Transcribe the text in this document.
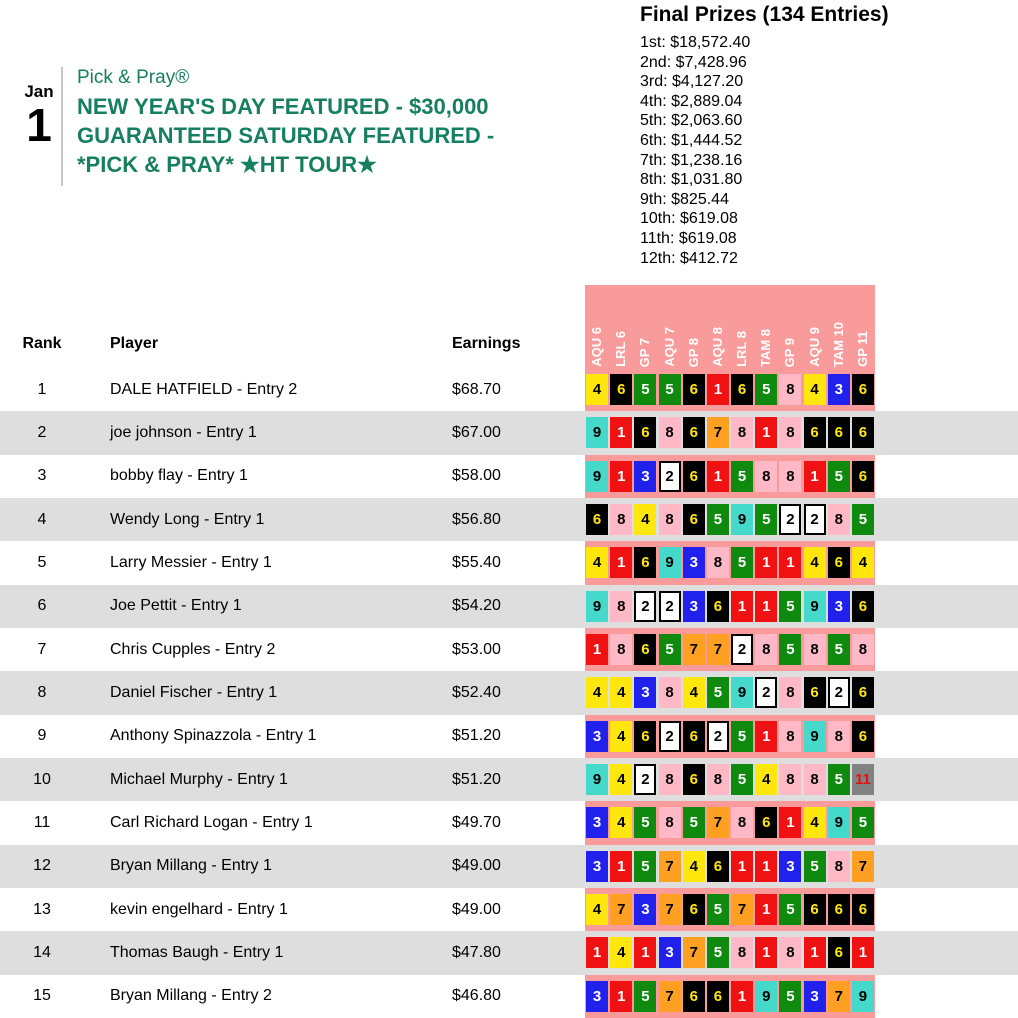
Jan
1
Pick & Pray®
NEW YEAR'S DAY FEATURED - $30,000
GUARANTEED SATURDAY FEATURED -
*PICK & PRAY* ★HT TOUR★
Final Prizes (134 Entries)
1st: $18,572.40
2nd: $7,428.96
3rd: $4,127.20
4th: $2,889.04
5th: $2,063.60
6th: $1,444.52
7th: $1,238.16
8th: $1,031.80
9th: $825.44
10th: $619.08
11th: $619.08
12th: $412.72
Rank	Player	Earnings	AQU 6 LRL 6 GP 7 AQU 7 GP 8 AQU 8 LRL 8 TAM 8 GP 9 AQU 9 TAM 10 GP 11
1	DALE HATFIELD - Entry 2	$68.70	4	6	5	5	6	1	6	5	8	4	3	6
2	joe johnson - Entry 1	$67.00	9	1	6	8	6	7	8	1	8	6	6	6
3	bobby flay - Entry 1	$58.00	9	1	3	2	6	1	5	8	8	1	5	6
4	Wendy Long - Entry 1	$56.80	6	8	4	8	6	5	9	5	2	2	8	5
5	Larry Messier - Entry 1	$55.40	4	1	6	9	3	8	5	1	1	4	6	4
6	Joe Pettit - Entry 1	$54.20	9	8	2	2	3	6	1	1	5	9	3	6
7	Chris Cupples - Entry 2	$53.00	1	8	6	5	7	7	2	8	5	8	5	8
8	Daniel Fischer - Entry 1	$52.40	4	4	3	8	4	5	9	2	8	6	2	6
9	Anthony Spinazzola - Entry 1	$51.20	3	4	6	2	6	2	5	1	8	9	8	6
10	Michael Murphy - Entry 1	$51.20	9	4	2	8	6	8	5	4	8	8	5 11
11	Carl Richard Logan - Entry 1	$49.70	3	4	5	8	5	7	8	6	1	4	9	5
12	Bryan Millang - Entry 1	$49.00	3	1	5	7	4	6	1	1	3	5	8	7
13	kevin engelhard - Entry 1	$49.00	4	7	3	7	6	5	7	1	5	6	6	6
14	Thomas Baugh - Entry 1	$47.80	1	4	1	3	7	5	8	1	8	1	6	1
15	Bryan Millang - Entry 2	$46.80	3	1	5	7	6	6	1	9	5	3	7	9
